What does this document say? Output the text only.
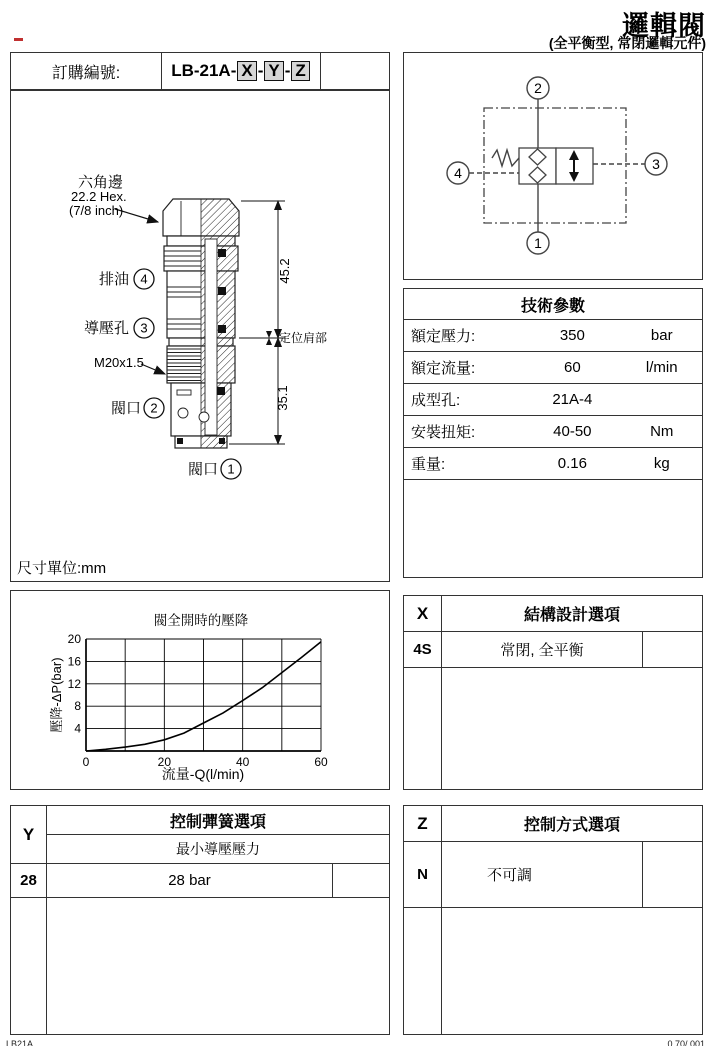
邏輯閥
(全平衡型, 常閉邏輯元件)
訂購編號:	LB-21A- X - Y - Z
六角邊
22.2 Hex.
(7/8 inch)
排油 4
導壓孔 3
M20x1.5
閥口 2
閥口 1
45.2
35.1
定位肩部
尺寸單位:mm
2
1
4
3
技術參數
額定壓力:	350	bar
額定流量:	60	l/min
成型孔:	21A-4
安裝扭矩:	40-50	Nm
重量:	0.16	kg
閥全開時的壓降
流量-Q(l/min)
壓降-ΔP(bar)
0	20	40	60
4
8
12
16
20
X	結構設計選項
4S	常閉, 全平衡
Y
控制彈簧選項
最小導壓壓力
28	28 bar
Z	控制方式選項
N	不可調
LB21A	0.70/.001
